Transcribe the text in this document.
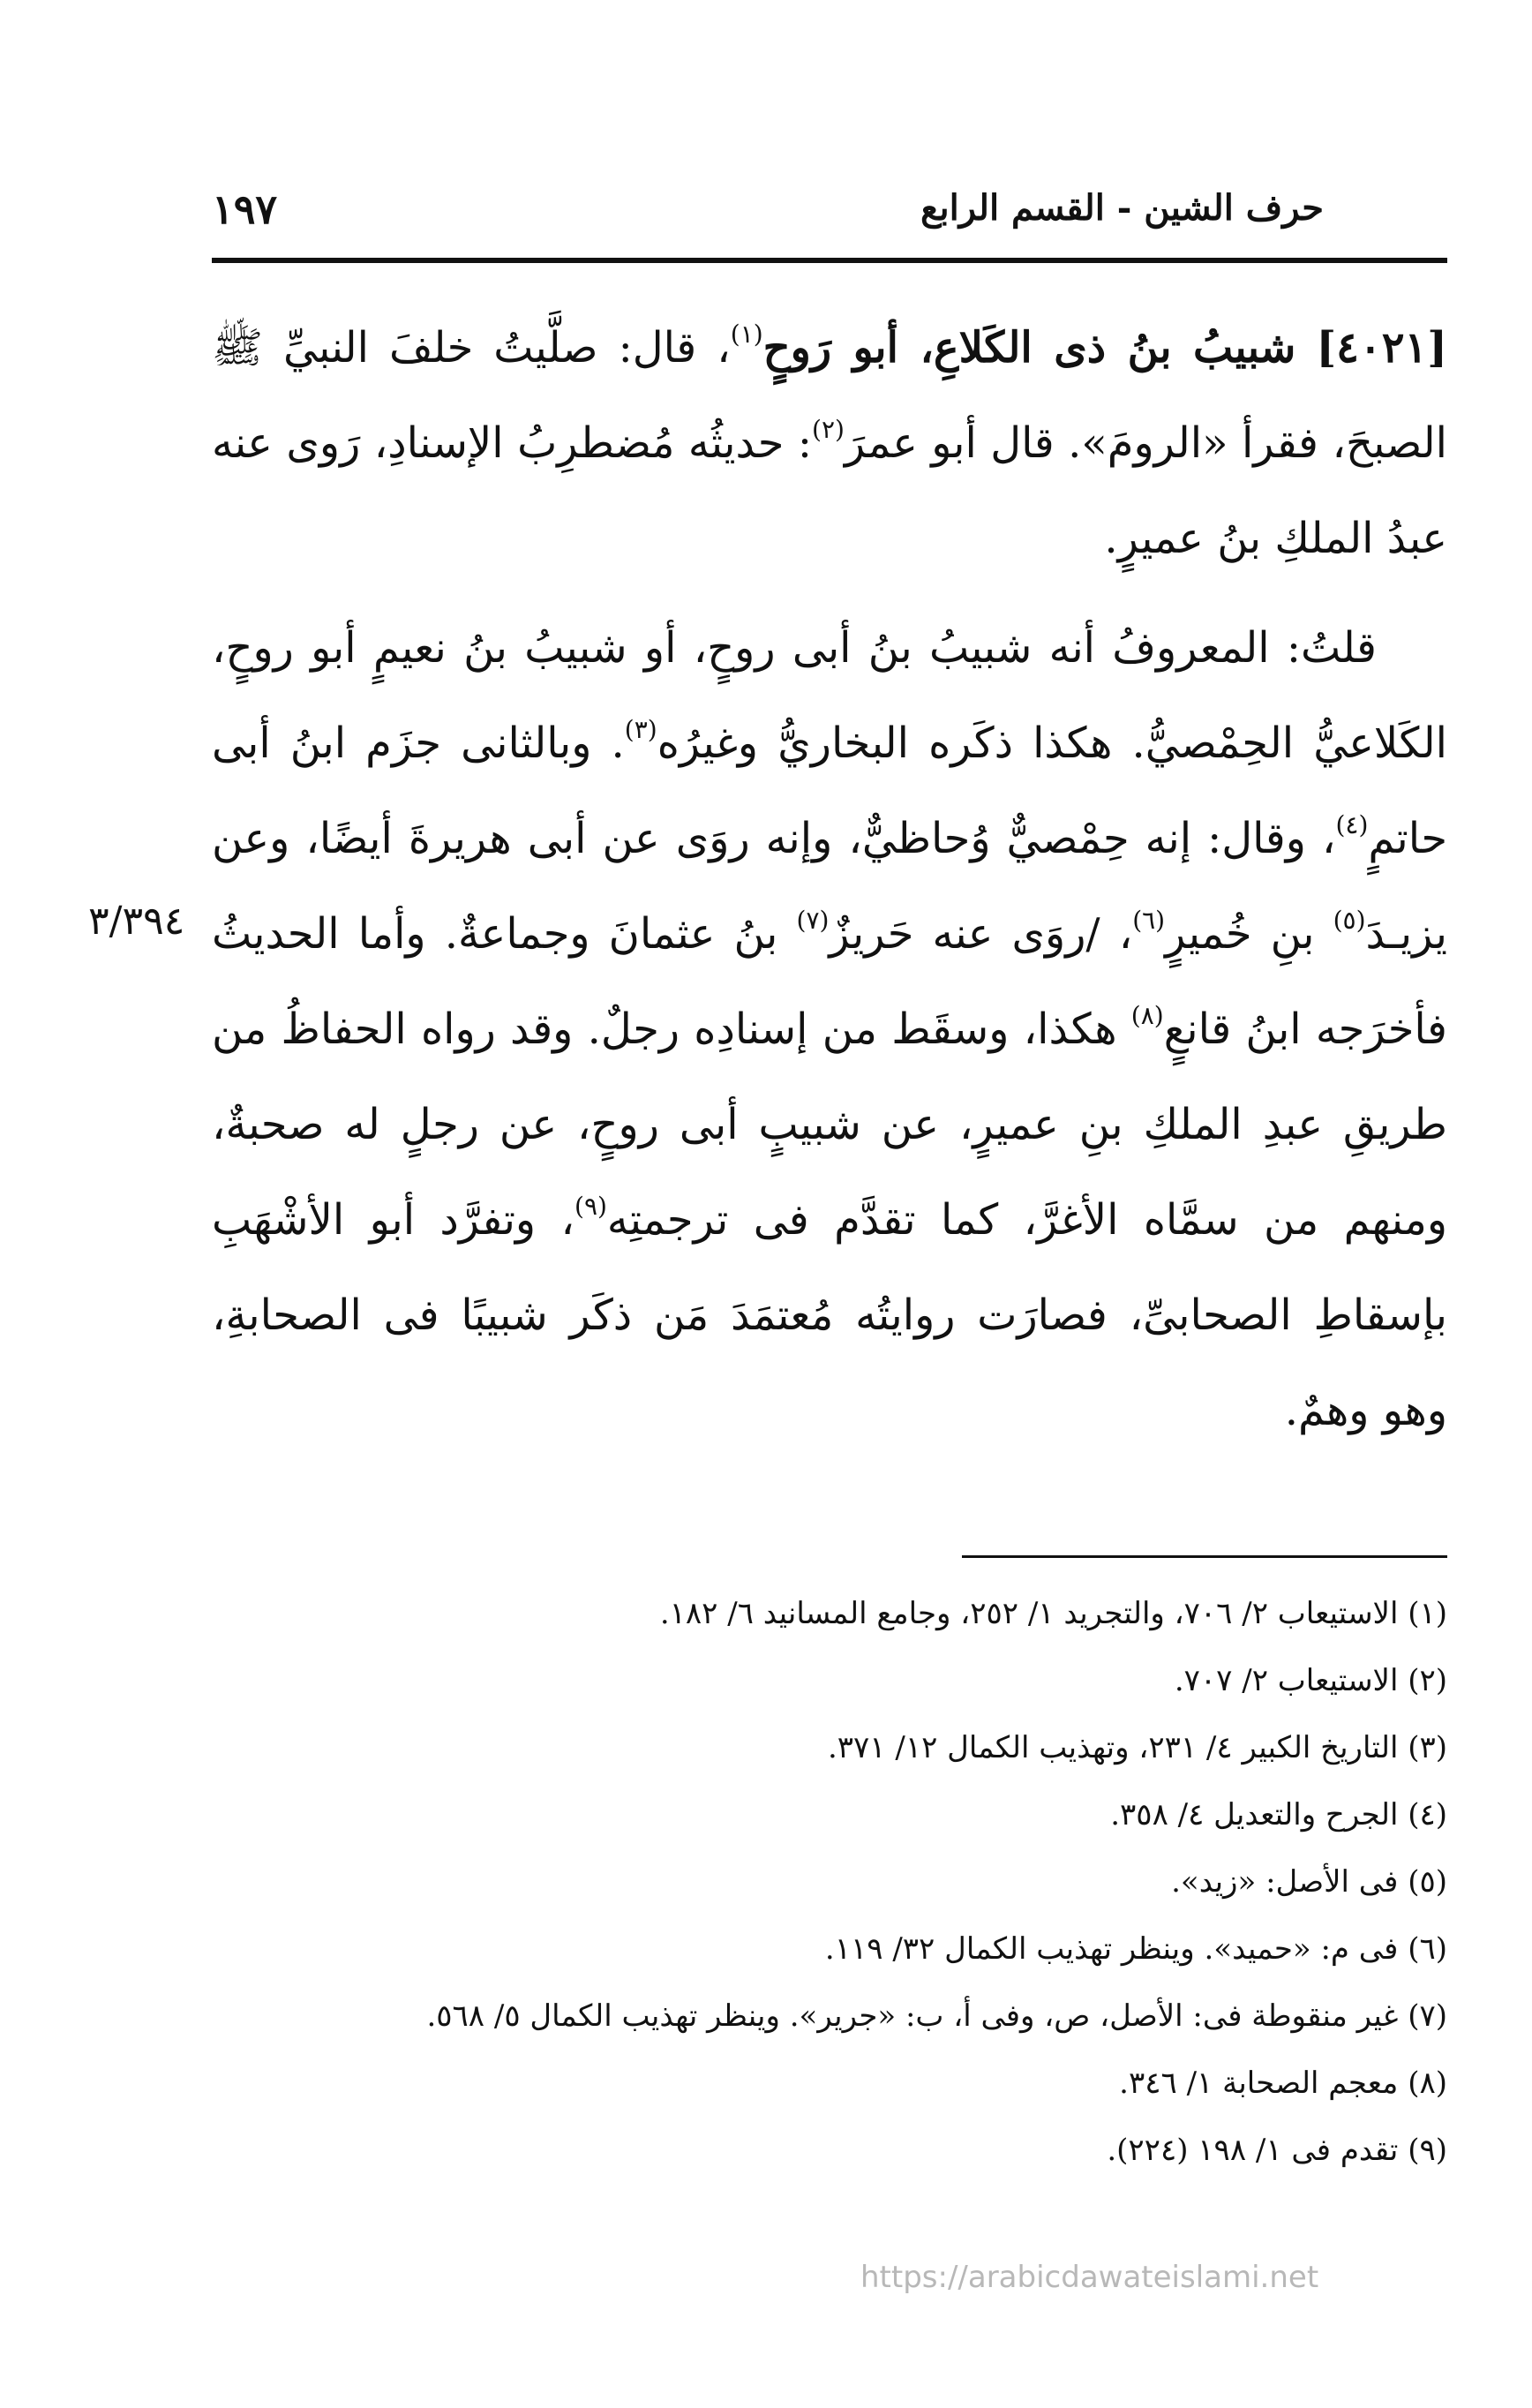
١٩٧	حرف الشين - القسم الرابع

[٤٠٢١] شبيبُ بنُ ذى الكَلاعِ، أبو رَوحٍ$^{(١)}$، قال: صلَّيتُ خلفَ النبيِّ ﷺ الصبحَ، فقرأ «الرومَ». قال أبو عمرَ$^{(٢)}$: حديثُه مُضطرِبُ الإسنادِ، رَوى عنه عبدُ الملكِ بنُ عميرٍ.

قلتُ: المعروفُ أنه شبيبُ بنُ أبى روحٍ، أو شبيبُ بنُ نعيمٍ أبو روحٍ، الكَلاعيُّ الحِمْصيُّ. هكذا ذكَره البخاريُّ وغيرُه$^{(٣)}$. وبالثانى جزَم ابنُ أبى حاتمٍ$^{(٤)}$، وقال: إنه حِمْصيٌّ وُحاظيٌّ، وإنه روَى عن أبى هريرةَ أيضًا، وعن يزيـدَ$^{(٥)}$ بنِ خُميرٍ$^{(٦)}$، /روَى عنه حَريزٌ$^{(٧)}$ بنُ عثمانَ وجماعةٌ. وأما الحديثُ فأخرَجه ابنُ قانعٍ$^{(٨)}$ هكذا، وسقَط من إسنادِه رجلٌ. وقد رواه الحفاظُ من طريقِ عبدِ الملكِ بنِ عميرٍ، عن شبيبٍ أبى روحٍ، عن رجلٍ له صحبةٌ، ومنهم من سمَّاه الأغرَّ، كما تقدَّم فى ترجمتِه$^{(٩)}$، وتفرَّد أبو الأشْهَبِ بإسقاطِ الصحابىِّ، فصارَت روايتُه مُعتمَدَ مَن ذكَر شبيبًا فى الصحابةِ، وهو وهمٌ.

٣/٣٩٤
(١) الاستيعاب ٢/ ٧٠٦، والتجريد ١/ ٢٥٢، وجامع المسانيد ٦/ ١٨٢.
(٢) الاستيعاب ٢/ ٧٠٧.
(٣) التاريخ الكبير ٤/ ٢٣١، وتهذيب الكمال ١٢/ ٣٧١.
(٤) الجرح والتعديل ٤/ ٣٥٨.
(٥) فى الأصل: «زيد».
(٦) فى م: «حميد». وينظر تهذيب الكمال ٣٢/ ١١٩.
(٧) غير منقوطة فى: الأصل، ص، وفى أ، ب: «جرير». وينظر تهذيب الكمال ٥/ ٥٦٨.
(٨) معجم الصحابة ١/ ٣٤٦.
(٩) تقدم فى ١/ ١٩٨ (٢٢٤).
https://arabicdawateislami.net
